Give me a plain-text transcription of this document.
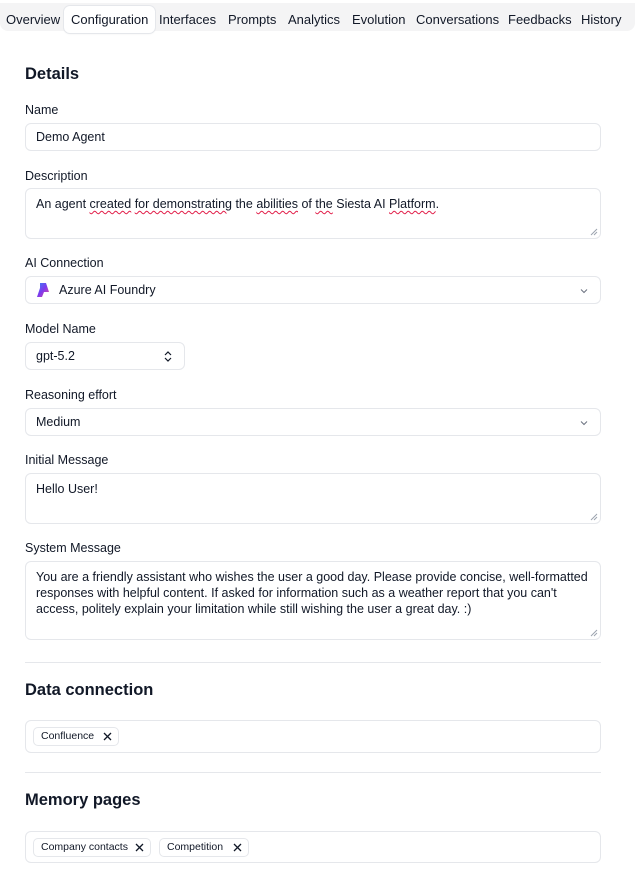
Overview Configuration Interfaces Prompts Analytics Evolution Conversations Feedbacks History
Details
Name
Demo Agent
Description
An agent created for demonstrating the abilities of the Siesta AI Platform.
AI Connection
Azure AI Foundry
Model Name
gpt-5.2
Reasoning effort
Medium
Initial Message
Hello User!
System Message
You are a friendly assistant who wishes the user a good day. Please provide concise, well-formatted responses with helpful content. If asked for information such as a weather report that you can't access, politely explain your limitation while still wishing the user a great day. :)
Data connection
Confluence
Memory pages
Company contacts	Competition
